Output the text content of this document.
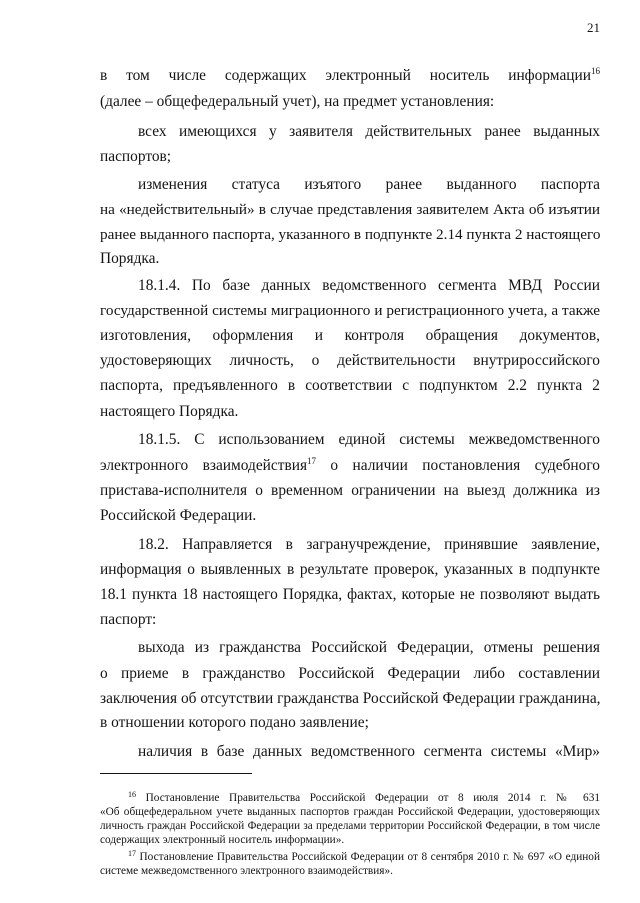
21
в том числе содержащих электронный носитель информации$^{16}$
(далее – общефедеральный учет), на предмет установления:
всех имеющихся у заявителя действительных ранее выданных
паспортов;
изменения статуса изъятого ранее выданного паспорта
на «недействительный» в случае представления заявителем Акта об изъятии
ранее выданного паспорта, указанного в подпункте 2.14 пункта 2 настоящего
Порядка.
18.1.4. По базе данных ведомственного сегмента МВД России
государственной системы миграционного и регистрационного учета, а также
изготовления, оформления и контроля обращения документов,
удостоверяющих личность, о действительности внутрироссийского
паспорта, предъявленного в соответствии с подпунктом 2.2 пункта 2
настоящего Порядка.
18.1.5. С использованием единой системы межведомственного
электронного взаимодействия$^{17}$ о наличии постановления судебного
пристава-исполнителя о временном ограничении на выезд должника из
Российской Федерации.
18.2. Направляется в загранучреждение, принявшие заявление,
информация о выявленных в результате проверок, указанных в подпункте
18.1 пункта 18 настоящего Порядка, фактах, которые не позволяют выдать
паспорт:
выхода из гражданства Российской Федерации, отмены решения
о приеме в гражданство Российской Федерации либо составлении
заключения об отсутствии гражданства Российской Федерации гражданина,
в отношении которого подано заявление;
наличия в базе данных ведомственного сегмента системы «Мир»
$^{16}$ Постановление Правительства Российской Федерации от 8 июля 2014 г. № 631
«Об общефедеральном учете выданных паспортов граждан Российской Федерации, удостоверяющих
личность граждан Российской Федерации за пределами территории Российской Федерации, в том числе
содержащих электронный носитель информации».
$^{17}$ Постановление Правительства Российской Федерации от 8 сентября 2010 г. № 697 «О единой
системе межведомственного электронного взаимодействия».
